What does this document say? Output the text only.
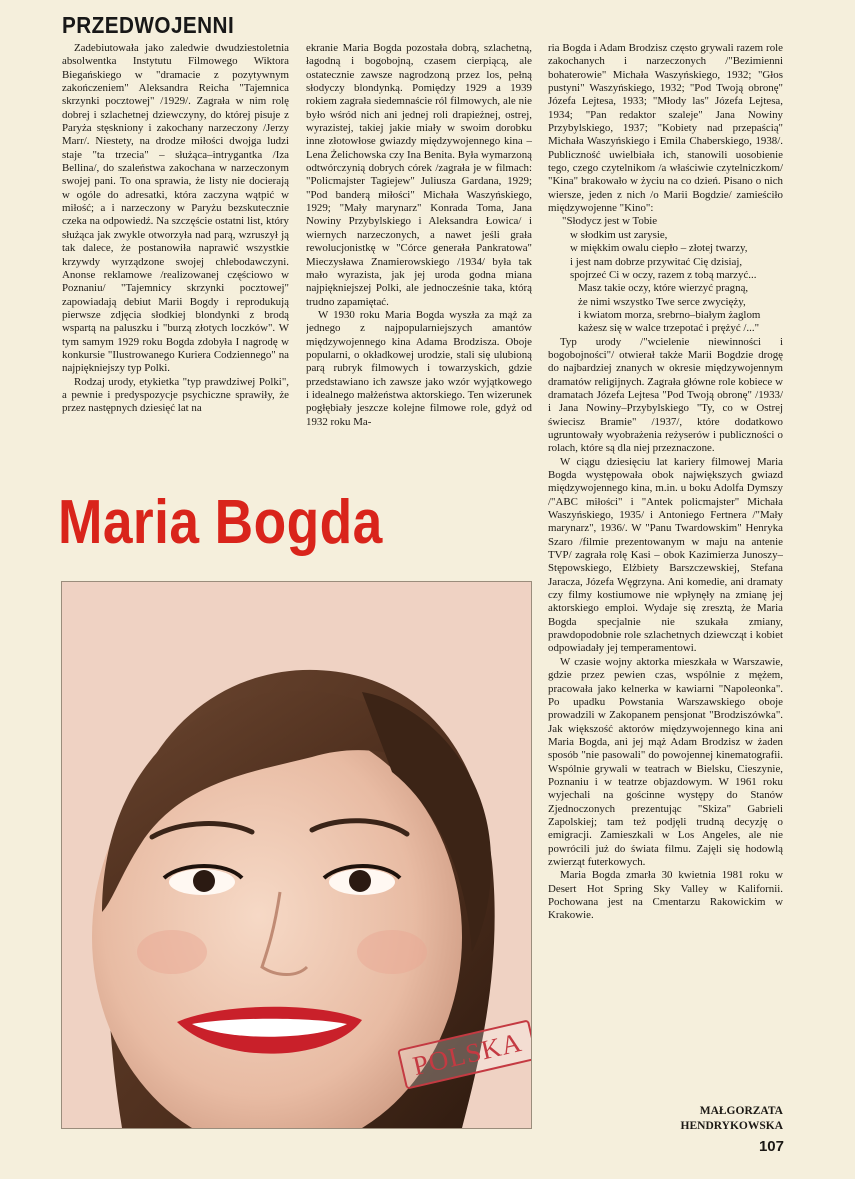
PRZEDWOJENNI

Zadebiutowała jako zaledwie dwudziestoletnia absolwentka Instytutu Filmowego Wiktora Biegańskiego w "dramacie z pozytywnym zakończeniem" Aleksandra Reicha "Tajemnica skrzynki pocztowej" /1929/. Zagrała w nim rolę dobrej i szlachetnej dziewczyny, do której pisuje z Paryża stęskniony i zakochany narzeczony /Jerzy Marr/. Niestety, na drodze miłości dwojga ludzi staje "ta trzecia" – służąca–intrygantka /Iza Bellina/, do szaleństwa zakochana w narzeczonym swojej pani. To ona sprawia, że listy nie docierają w ogóle do adresatki, która zaczyna wątpić w miłość; a i narzeczony w Paryżu bezskutecznie czeka na odpowiedź. Na szczęście ostatni list, który służąca jak zwykle otworzyła nad parą, wzruszył ją tak dalece, że postanowiła naprawić wszystkie krzywdy wyrządzone swojej chlebodawczyni. Anonse reklamowe /realizowanej częściowo w Poznaniu/ "Tajemnicy skrzynki pocztowej" zapowiadają debiut Marii Bogdy i reprodukują pierwsze zdjęcia słodkiej blondynki z brodą wspartą na paluszku i "burzą złotych loczków". W tym samym 1929 roku Bogda zdobyła I nagrodę w konkursie "Ilustrowanego Kuriera Codziennego" na najpiękniejszy typ Polki.

Rodzaj urody, etykietka "typ prawdziwej Polki", a pewnie i predyspozycje psychiczne sprawiły, że przez następnych dziesięć lat na

ekranie Maria Bogda pozostała dobrą, szlachetną, łagodną i bogobojną, czasem cierpiącą, ale ostatecznie zawsze nagrodzoną przez los, pełną słodyczy blondynką. Pomiędzy 1929 a 1939 rokiem zagrała siedemnaście ról filmowych, ale nie było wśród nich ani jednej roli drapieżnej, ostrej, wyrazistej, takiej jakie miały w swoim dorobku inne złotowłose gwiazdy międzywojennego kina – Lena Żelichowska czy Ina Benita. Była wymarzoną odtwórczynią dobrych córek /zagrała je w filmach: "Policmajster Tagiejew" Juliusza Gardana, 1929; "Pod banderą miłości" Michała Waszyńskiego, 1929; "Mały marynarz" Konrada Toma, Jana Nowiny Przybylskiego i Aleksandra Łowica/ i wiernych narzeczonych, a nawet jeśli grała rewolucjonistkę w "Córce generała Pankratowa" Mieczysława Znamierowskiego /1934/ była tak mało wyrazista, jak jej uroda godna miana najpiękniejszej Polki, ale jednocześnie taka, którą trudno zapamiętać.

W 1930 roku Maria Bogda wyszła za mąż za jednego z najpopularniejszych amantów międzywojennego kina Adama Brodzisza. Oboje popularni, o okładkowej urodzie, stali się ulubioną parą rubryk filmowych i towarzyskich, gdzie przedstawiano ich zawsze jako wzór wyjątkowego i idealnego małżeństwa aktorskiego. Ten wizerunek pogłębiały jeszcze kolejne filmowe role, gdyż od 1932 roku Ma-

ria Bogda i Adam Brodzisz często grywali razem role zakochanych i narzeczonych /"Bezimienni bohaterowie" Michała Waszyńskiego, 1932; "Głos pustyni" Waszyńskiego, 1932; "Pod Twoją obronę" Józefa Lejtesa, 1933; "Młody las" Józefa Lejtesa, 1934; "Pan redaktor szaleje" Jana Nowiny Przybylskiego, 1937; "Kobiety nad przepaścią" Michała Waszyńskiego i Emila Chaberskiego, 1938/. Publiczność uwielbiała ich, stanowili uosobienie tego, czego czytelnikom /a właściwie czytelniczkom/ "Kina" brakowało w życiu na co dzień. Pisano o nich wiersze, jeden z nich /o Marii Bogdzie/ zamieściło międzywojenne "Kino":

"Słodycz jest w Tobie
w słodkim ust zarysie,
w miękkim owalu ciepło – złotej twarzy,
i jest nam dobrze przywitać Cię dzisiaj,
spojrzeć Ci w oczy, razem z tobą marzyć...
Masz takie oczy, które wierzyć pragną,
że nimi wszystko Twe serce zwycięży,
i kwiatom morza, srebrno–białym żaglom
każesz się w walce trzepotać i prężyć /..."

Typ urody /"wcielenie niewinności i bogobojności"/ otwierał także Marii Bogdzie drogę do najbardziej znanych w okresie międzywojennym dramatów religijnych. Zagrała główne role kobiece w dramatach Józefa Lejtesa "Pod Twoją obronę" /1933/ i Jana Nowiny–Przybylskiego "Ty, co w Ostrej świecisz Bramie" /1937/, które dodatkowo ugruntowały wyobrażenia reżyserów i publiczności o rolach, które są dla niej przeznaczone.

W ciągu dziesięciu lat kariery filmowej Maria Bogda występowała obok największych gwiazd międzywojennego kina, m.in. u boku Adolfa Dymszy /"ABC miłości" i "Antek policmajster" Michała Waszyńskiego, 1935/ i Antoniego Fertnera /"Mały marynarz", 1936/. W "Panu Twardowskim" Henryka Szaro /filmie prezentowanym w maju na antenie TVP/ zagrała rolę Kasi – obok Kazimierza Junoszy–Stępowskiego, Elżbiety Barszczewskiej, Stefana Jaracza, Józefa Węgrzyna. Ani komedie, ani dramaty czy filmy kostiumowe nie wpłynęły na zmianę jej aktorskiego emploi. Wydaje się zresztą, że Maria Bogda specjalnie nie szukała zmiany, prawdopodobnie role szlachetnych dziewcząt i kobiet odpowiadały jej temperamentowi.

W czasie wojny aktorka mieszkała w Warszawie, gdzie przez pewien czas, wspólnie z mężem, pracowała jako kelnerka w kawiarni "Napoleonka". Po upadku Powstania Warszawskiego oboje prowadzili w Zakopanem pensjonat "Brodziszówka". Jak większość aktorów międzywojennego kina ani Maria Bogda, ani jej mąż Adam Brodzisz w żaden sposób "nie pasowali" do powojennej kinematografii. Wspólnie grywali w teatrach w Bielsku, Cieszynie, Poznaniu i w teatrze objazdowym. W 1961 roku wyjechali na gościnne występy do Stanów Zjednoczonych prezentując "Skiza" Gabrieli Zapolskiej; tam też podjęli trudną decyzję o emigracji. Zamieszkali w Los Angeles, ale nie powrócili już do świata filmu. Zajęli się hodowlą zwierząt futerkowych.

Maria Bogda zmarła 30 kwietnia 1981 roku w Desert Hot Spring Sky Valley w Kalifornii. Pochowana jest na Cmentarzu Rakowickim w Krakowie.

Maria Bogda
POLSKA
MAŁGORZATA
HENDRYKOWSKA
107
